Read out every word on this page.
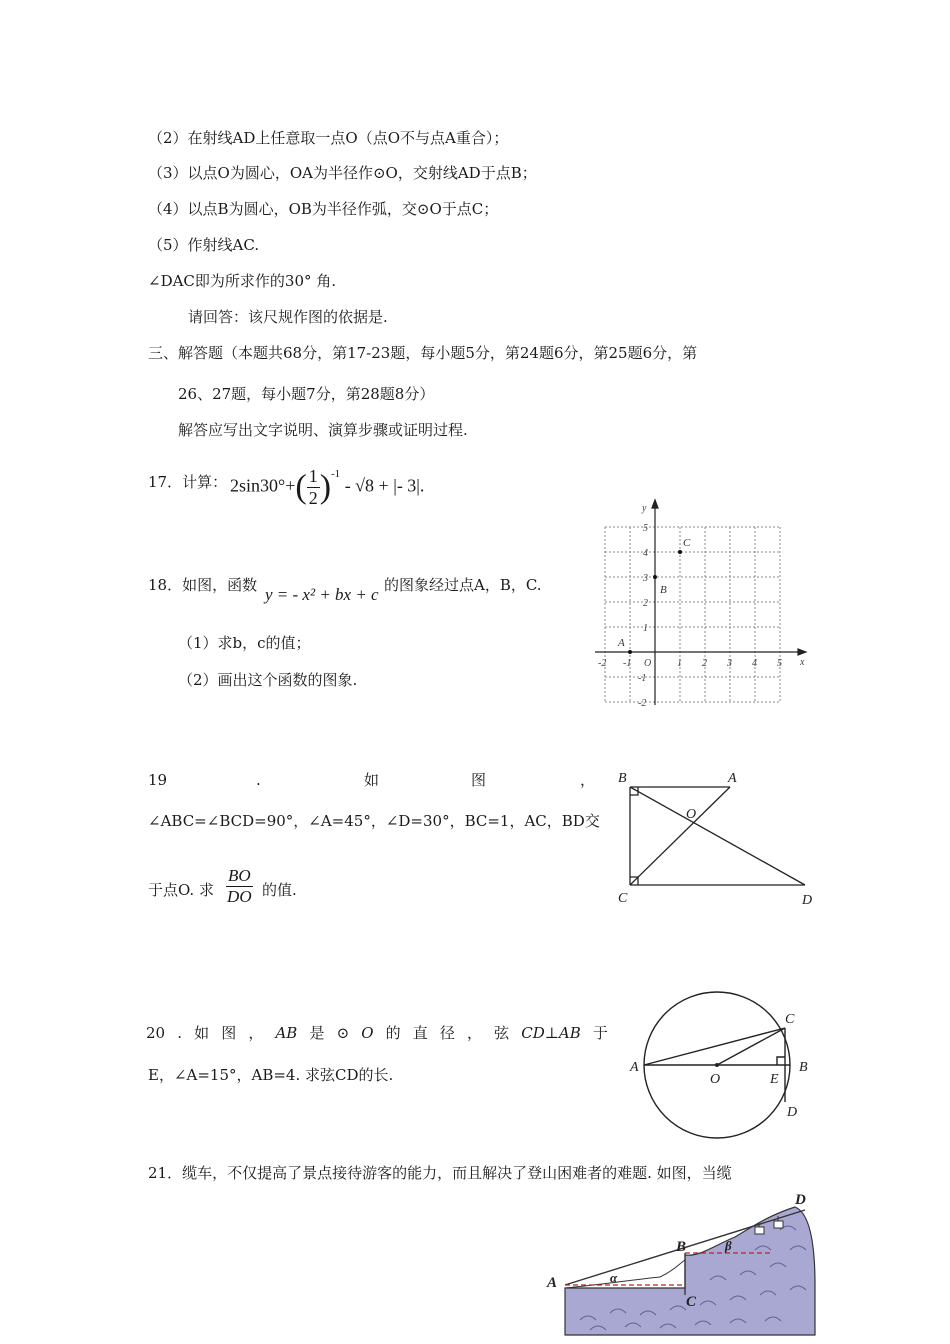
（2）在射线AD上任意取一点O（点O不与点A重合）；
（3）以点O为圆心，OA为半径作⊙O，交射线AD于点B；
（4）以点B为圆心，OB为半径作弧，交⊙O于点C；
（5）作射线AC.
∠DAC即为所求作的30° 角.
请回答：该尺规作图的依据是.
三、解答题（本题共68分，第17-23题，每小题5分，第24题6分，第25题6分，第
26、27题，每小题7分，第28题8分）
解答应写出文字说明、演算步骤或证明过程.
17．计算： $2\sin 30^\circ+( \frac{1}{2} )^{-1} - √8$ + |- 3|.
18．如图，函数 y = - x² + bx + c 的图象经过点A，B，C.
（1）求b，c的值；
（2）画出这个函数的图象.
x
y
-2 -1 O	1 2 3 4 5
5
4
3
2
1
-1
-2
A
B
C
19	.	如	图	，
∠ABC=∠BCD=90°，∠A=45°，∠D=30°，BC=1，AC，BD交
于点O. 求 $\frac{BO}{DO}$ 的值.
B	A
O
C	D
20 . 如 图 ， AB 是 ⊙ O 的 直 径 ， 弦 CD⊥AB 于
E，∠A=15°，AB=4. 求弦CD的长.	A	B
C
D
O	E
21．缆车，不仅提高了景点接待游客的能力，而且解决了登山困难者的难题. 如图，当缆
A
B
C
D
α
β
